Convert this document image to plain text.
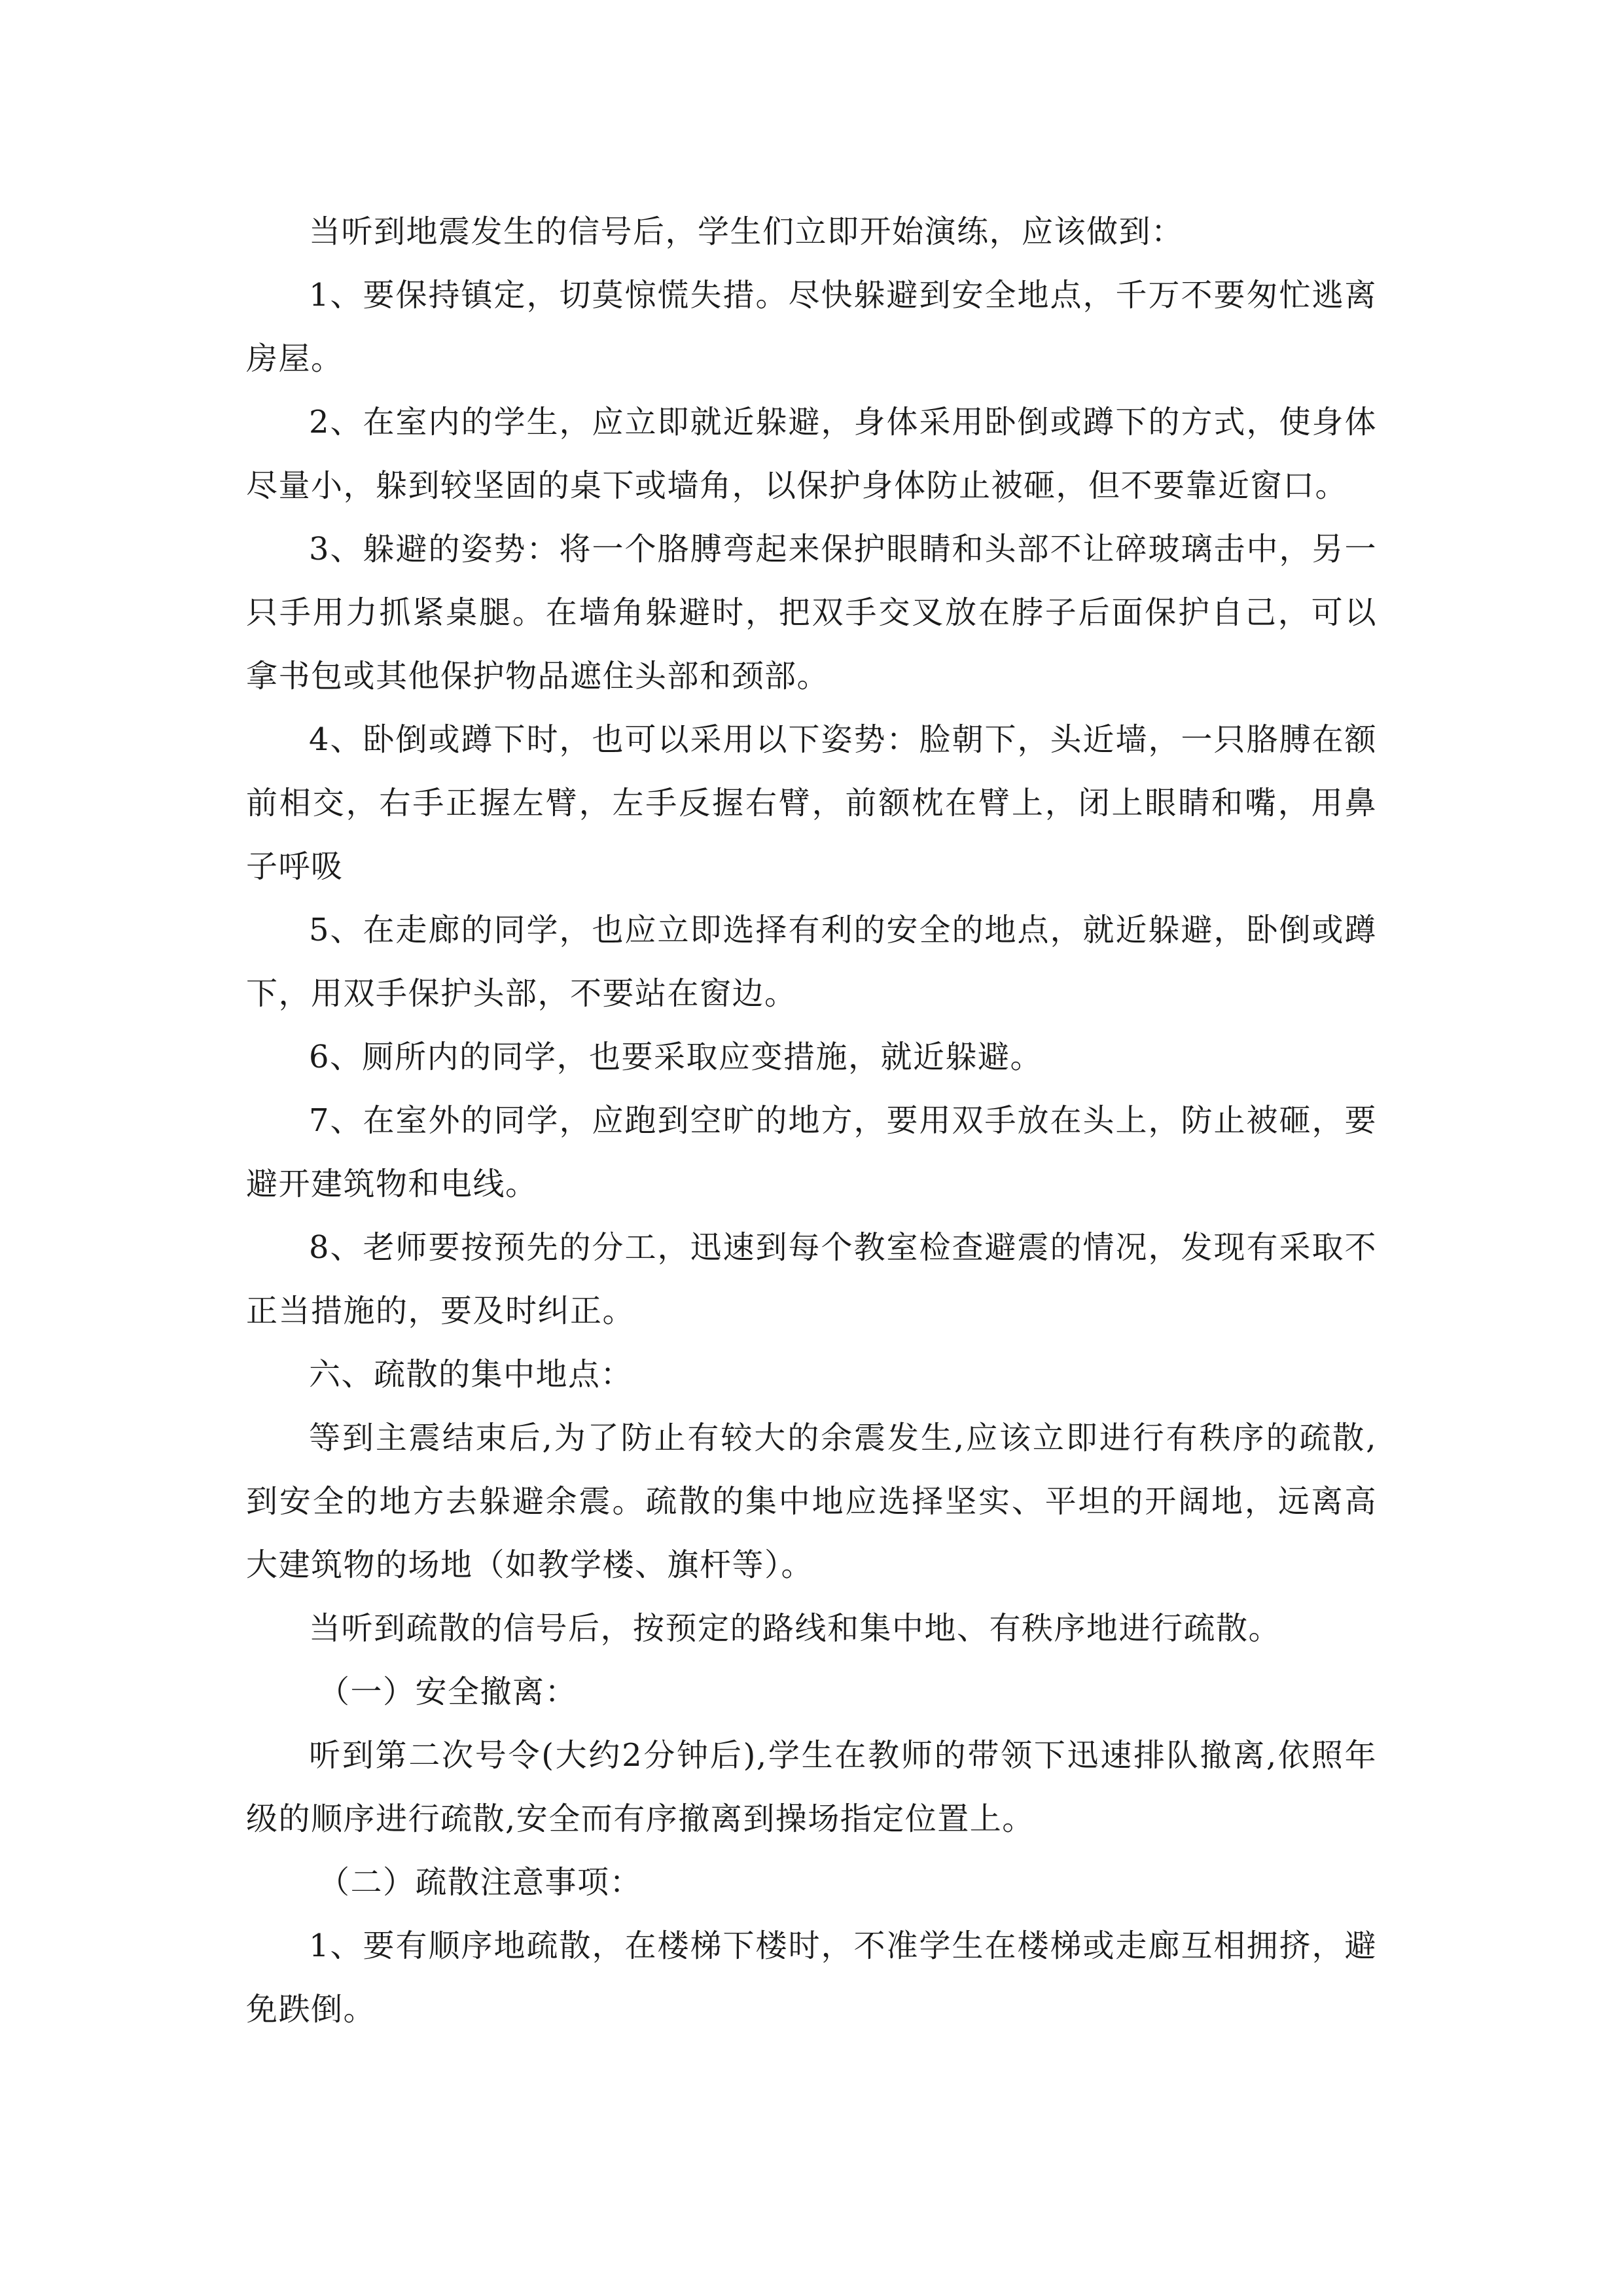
当听到地震发生的信号后，学生们立即开始演练，应该做到：

1、要保持镇定，切莫惊慌失措。尽快躲避到安全地点，千万不要匆忙逃离房屋。

2、在室内的学生，应立即就近躲避，身体采用卧倒或蹲下的方式，使身体尽量小，躲到较坚固的桌下或墙角，以保护身体防止被砸，但不要靠近窗口。

3、躲避的姿势：将一个胳膊弯起来保护眼睛和头部不让碎玻璃击中，另一只手用力抓紧桌腿。在墙角躲避时，把双手交叉放在脖子后面保护自己，可以拿书包或其他保护物品遮住头部和颈部。

4、卧倒或蹲下时，也可以采用以下姿势：脸朝下，头近墙，一只胳膊在额前相交，右手正握左臂，左手反握右臂，前额枕在臂上，闭上眼睛和嘴，用鼻子呼吸

5、在走廊的同学，也应立即选择有利的安全的地点，就近躲避，卧倒或蹲下，用双手保护头部，不要站在窗边。

6、厕所内的同学，也要采取应变措施，就近躲避。

7、在室外的同学，应跑到空旷的地方，要用双手放在头上，防止被砸，要避开建筑物和电线。

8、老师要按预先的分工，迅速到每个教室检查避震的情况，发现有采取不正当措施的，要及时纠正。

六、疏散的集中地点：

等到主震结束后,为了防止有较大的余震发生,应该立即进行有秩序的疏散,到安全的地方去躲避余震。疏散的集中地应选择坚实、平坦的开阔地，远离高大建筑物的场地（如教学楼、旗杆等）。

当听到疏散的信号后，按预定的路线和集中地、有秩序地进行疏散。

（一）安全撤离：

听到第二次号令(大约2分钟后),学生在教师的带领下迅速排队撤离,依照年级的顺序进行疏散,安全而有序撤离到操场指定位置上。

（二）疏散注意事项：

1、要有顺序地疏散，在楼梯下楼时，不准学生在楼梯或走廊互相拥挤，避免跌倒。
